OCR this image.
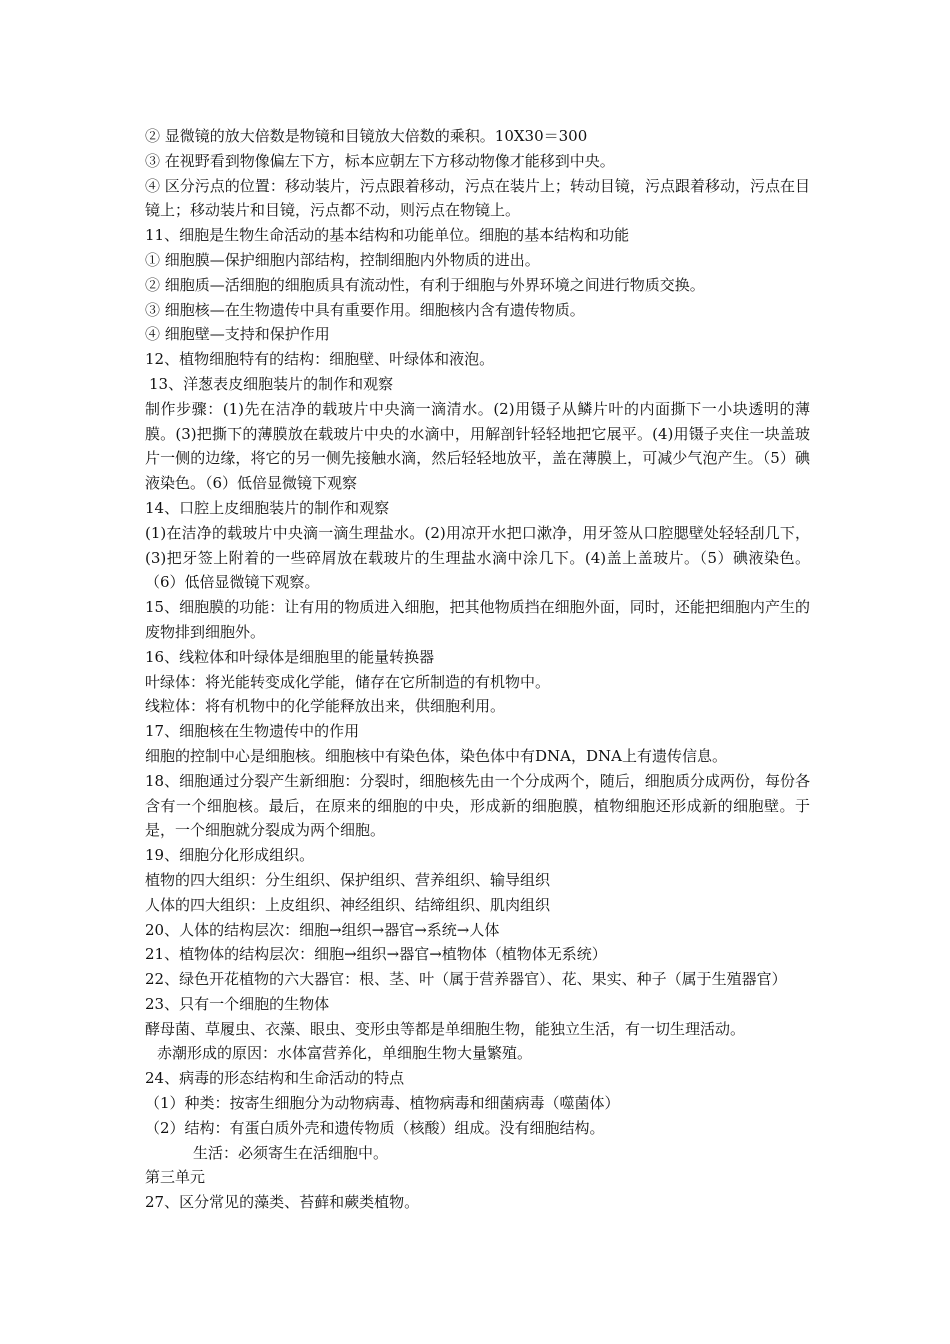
② 显微镜的放大倍数是物镜和目镜放大倍数的乘积。10X30＝300
③ 在视野看到物像偏左下方，标本应朝左下方移动物像才能移到中央。
④ 区分污点的位置：移动装片，污点跟着移动，污点在装片上；转动目镜，污点跟着移动，污点在目镜上；移动装片和目镜，污点都不动，则污点在物镜上。
11、细胞是生物生命活动的基本结构和功能单位。细胞的基本结构和功能
① 细胞膜—保护细胞内部结构，控制细胞内外物质的进出。
② 细胞质—活细胞的细胞质具有流动性，有利于细胞与外界环境之间进行物质交换。
③ 细胞核—在生物遗传中具有重要作用。细胞核内含有遗传物质。
④ 细胞壁—支持和保护作用
12、植物细胞特有的结构：细胞壁、叶绿体和液泡。
13、洋葱表皮细胞装片的制作和观察
制作步骤：(1)先在洁净的载玻片中央滴一滴清水。(2)用镊子从鳞片叶的内面撕下一小块透明的薄膜。(3)把撕下的薄膜放在载玻片中央的水滴中，用解剖针轻轻地把它展平。(4)用镊子夹住一块盖玻片一侧的边缘，将它的另一侧先接触水滴，然后轻轻地放平，盖在薄膜上，可减少气泡产生。（5）碘液染色。（6）低倍显微镜下观察
14、口腔上皮细胞装片的制作和观察
(1)在洁净的载玻片中央滴一滴生理盐水。(2)用凉开水把口漱净，用牙签从口腔腮壁处轻轻刮几下，(3)把牙签上附着的一些碎屑放在载玻片的生理盐水滴中涂几下。(4)盖上盖玻片。（5）碘液染色。（6）低倍显微镜下观察。
15、细胞膜的功能：让有用的物质进入细胞，把其他物质挡在细胞外面，同时，还能把细胞内产生的废物排到细胞外。
16、线粒体和叶绿体是细胞里的能量转换器
叶绿体：将光能转变成化学能，储存在它所制造的有机物中。
线粒体：将有机物中的化学能释放出来，供细胞利用。
17、细胞核在生物遗传中的作用
细胞的控制中心是细胞核。细胞核中有染色体，染色体中有DNA，DNA上有遗传信息。
18、细胞通过分裂产生新细胞：分裂时，细胞核先由一个分成两个，随后，细胞质分成两份，每份各含有一个细胞核。最后，在原来的细胞的中央，形成新的细胞膜，植物细胞还形成新的细胞壁。于是，一个细胞就分裂成为两个细胞。
19、细胞分化形成组织。
植物的四大组织：分生组织、保护组织、营养组织、输导组织
人体的四大组织：上皮组织、神经组织、结缔组织、肌肉组织
20、人体的结构层次：细胞→组织→器官→系统→人体
21、植物体的结构层次：细胞→组织→器官→植物体（植物体无系统）
22、绿色开花植物的六大器官：根、茎、叶（属于营养器官）、花、果实、种子（属于生殖器官）
23、只有一个细胞的生物体
酵母菌、草履虫、衣藻、眼虫、变形虫等都是单细胞生物，能独立生活，有一切生理活动。
赤潮形成的原因：水体富营养化，单细胞生物大量繁殖。
24、病毒的形态结构和生命活动的特点
（1）种类：按寄生细胞分为动物病毒、植物病毒和细菌病毒（噬菌体）
（2）结构：有蛋白质外壳和遗传物质（核酸）组成。没有细胞结构。
生活：必须寄生在活细胞中。
第三单元
27、区分常见的藻类、苔藓和蕨类植物。
